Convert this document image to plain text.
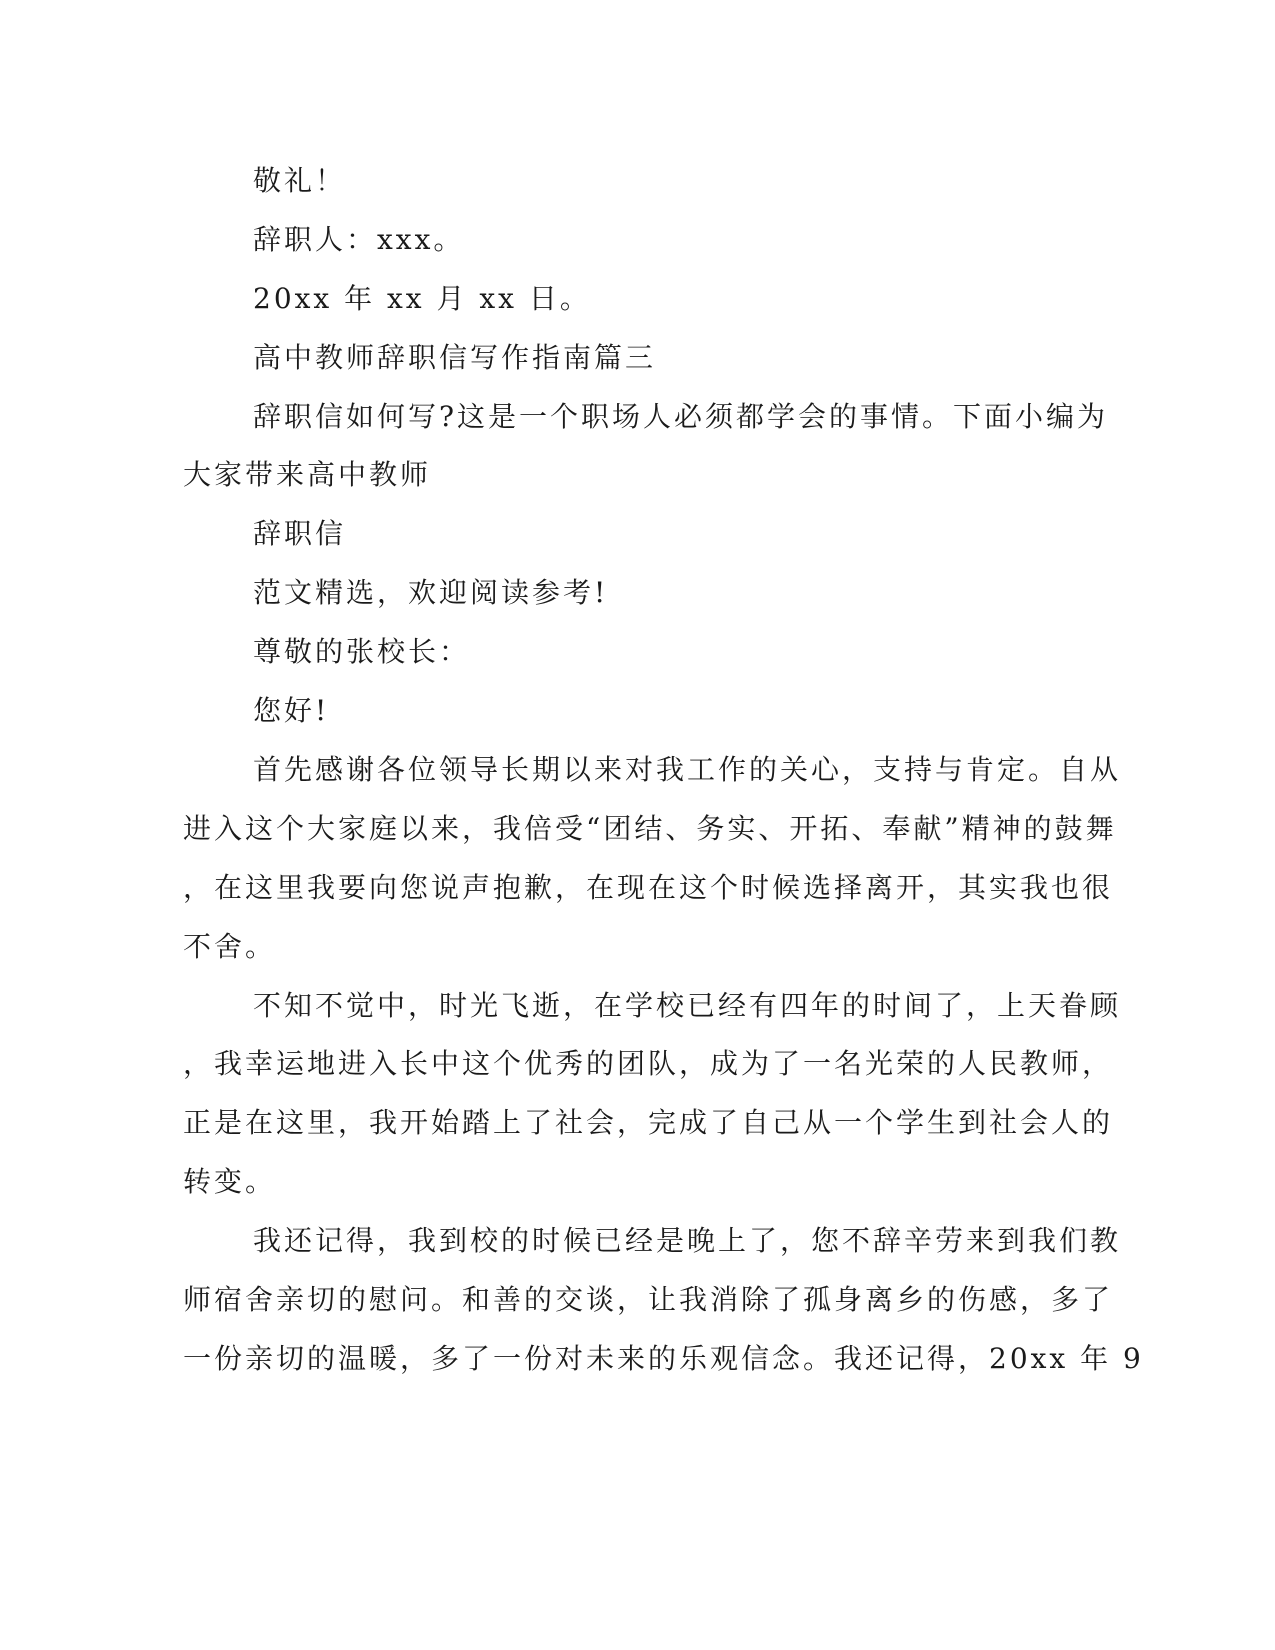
敬礼！
辞职人：xxx。
20xx 年 xx 月 xx 日。
高中教师辞职信写作指南篇三
辞职信如何写?这是一个职场人必须都学会的事情。下面小编为
大家带来高中教师
辞职信
范文精选，欢迎阅读参考!
尊敬的张校长：
您好!
首先感谢各位领导长期以来对我工作的关心，支持与肯定。自从
进入这个大家庭以来，我倍受“团结、务实、开拓、奉献”精神的鼓舞
，在这里我要向您说声抱歉，在现在这个时候选择离开，其实我也很
不舍。
不知不觉中，时光飞逝，在学校已经有四年的时间了，上天眷顾
，我幸运地进入长中这个优秀的团队，成为了一名光荣的人民教师，
正是在这里，我开始踏上了社会，完成了自己从一个学生到社会人的
转变。
我还记得，我到校的时候已经是晚上了，您不辞辛劳来到我们教
师宿舍亲切的慰问。和善的交谈，让我消除了孤身离乡的伤感，多了
一份亲切的温暖，多了一份对未来的乐观信念。我还记得，20xx 年 9
